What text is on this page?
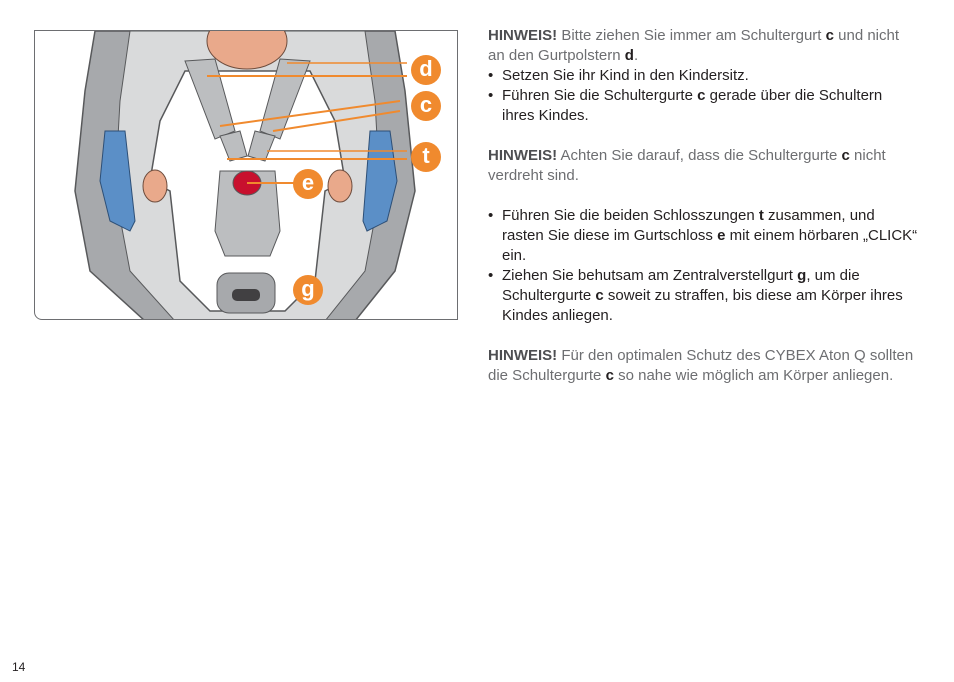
d
c
t
e
g

HINWEIS! Bitte ziehen Sie immer am Schultergurt c und nicht an den Gurtpolstern d.

• Setzen Sie ihr Kind in den Kindersitz.
• Führen Sie die Schultergurte c gerade über die Schultern ihres Kindes.

HINWEIS! Achten Sie darauf, dass die Schultergurte c nicht verdreht sind.

• Führen Sie die beiden Schlosszungen t zusammen, und rasten Sie diese im Gurtschloss e mit einem hörbaren „CLICK“ ein.
• Ziehen Sie behutsam am Zentralverstellgurt g, um die Schultergurte c soweit zu straffen, bis diese am Körper ihres Kindes anliegen.

HINWEIS! Für den optimalen Schutz des CYBEX Aton Q sollten die Schultergurte c so nahe wie möglich am Körper anliegen.

14
